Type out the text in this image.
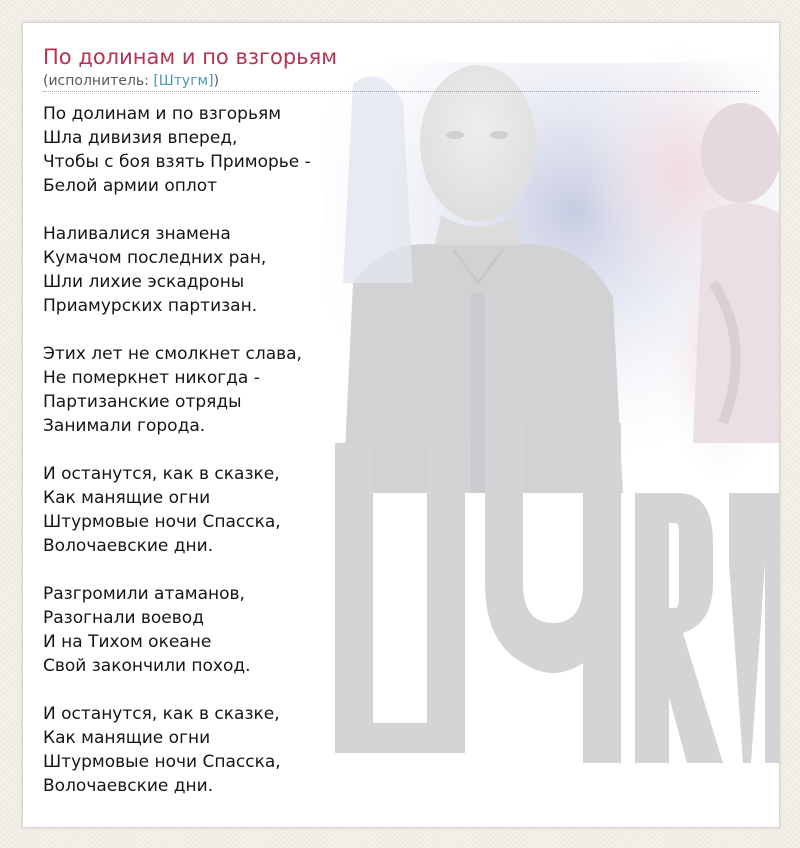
По долинам и по взгорьям
(исполнитель: [Штугм])
По долинам и по взгорьям
Шла дивизия вперед,
Чтобы с боя взять Приморье -
Белой армии оплот
Наливалися знамена
Кумачом последних ран,
Шли лихие эскадроны
Приамурских партизан.
Этих лет не смолкнет слава,
Не померкнет никогда -
Партизанские отряды
Занимали города.
И останутся, как в сказке,
Как манящие огни
Штурмовые ночи Спасска,
Волочаевские дни.
Разгромили атаманов,
Разогнали воевод
И на Тихом океане
Свой закончили поход.
И останутся, как в сказке,
Как манящие огни
Штурмовые ночи Спасска,
Волочаевские дни.
